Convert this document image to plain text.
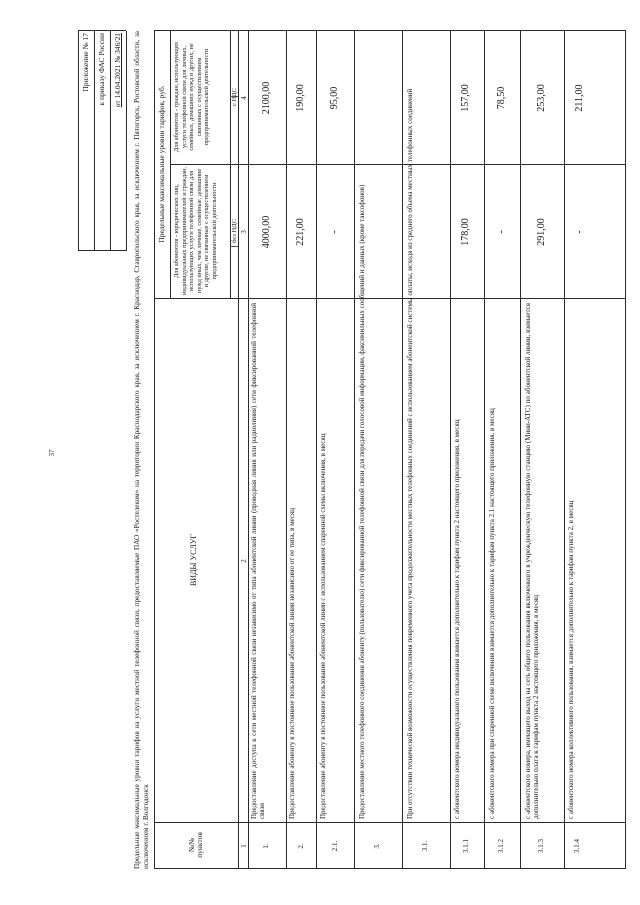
37
Приложение № 17 к приказу ФАС России от 14.04.2021 № 346/21 Предельные максимальные уровни тарифов на услуги местной телефонной связи, предоставляемые ПАО «Ростелеком» на территории Краснодарского края, за исключением г. Краснодар, Ставропольского края, за исключением г. Пятигорск, Ростовской области, за исключением г. Волгодонск	№№ пунктов
ВИДЫ УСЛУГ
Предельные максимальные уровни тарифов, руб.	Для абонентов - юридических лиц, индивидуальных предпринимателей и граждан, использующих услуги телефонной связи для нужд иных, чем личные, семейные, домашние и другие, не связанные с осуществлением предпринимательской деятельности
Для абонентов - граждан, использующих услуги телефонной связи для личных, семейных, домашних нужд и других, не связанных с осуществлением предпринимательской деятельности
без НДС
с НДС
1
2
3
4
1.
Предоставление доступа к сети местной телефонной связи независимо от типа абонентской линии (проводная линия или радиолиния) сети фиксированной телефонной связи
4000,00
2100,00
2.
Предоставление абоненту в постоянное пользование абонентской линии независимо от ее типа, в месяц
221,00
190,00
2.1.
Предоставление абоненту в постоянное пользование абонентской линии с использованием спаренной схемы включения, в месяц
-
95,00
3.
Предоставление местного телефонного соединения абоненту (пользователю) сети фиксированной телефонной связи для передачи голосовой информации, факсимильных сообщений и данных (кроме таксофонов)
3.1.
При отсутствии технической возможности осуществления повременного учета продолжительности местных телефонных соединений с использованием абонентской системы оплаты, исходя из среднего объема местных телефонных соединений
3.1.1
с абонентского номера индивидуального пользования взимается дополнительно к тарифам пункта 2 настоящего приложения, в месяц
178,00
157,00
3.1.2
с абонентского номера при спаренной схеме включения взимается дополнительно к тарифам пункта 2.1 настоящего приложения, в месяц
-
78,50
3.1.3
с абонентского номера, имеющего выход на сеть общего пользования включенного в учрежденческую телефонную станцию (Мини-АТС) по абонентской линии, взимается дополнительно плата к тарифам пункта 2 настоящего приложения, в месяц
291,00
253,00
3.1.4
с абонентского номера коллективного пользования, взимается дополнительно к тарифам пункта 2, в месяц
-
211,00
